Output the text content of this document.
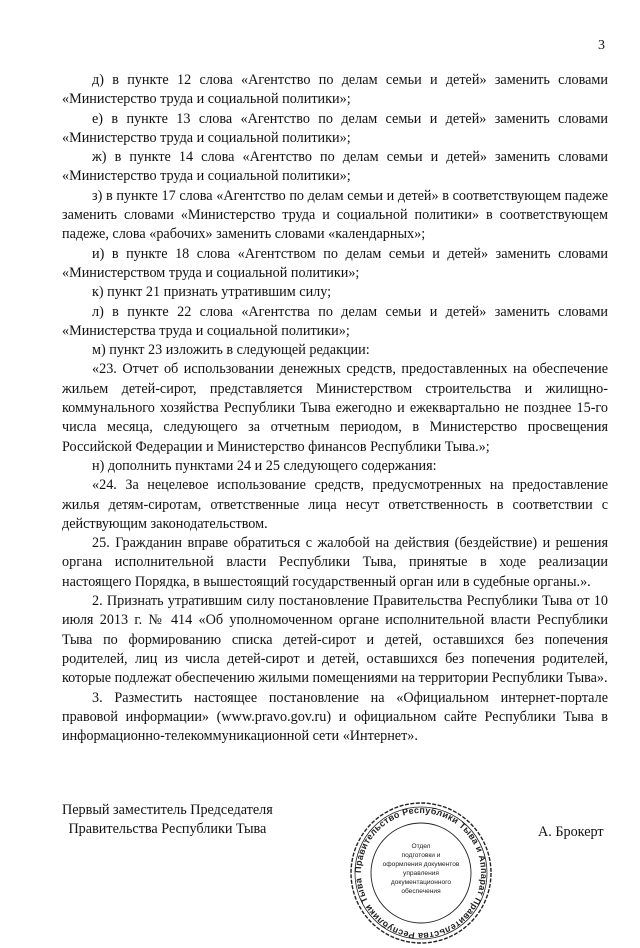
3

д) в пункте 12 слова «Агентство по делам семьи и детей» заменить словами «Министерство труда и социальной политики»;

е) в пункте 13 слова «Агентство по делам семьи и детей» заменить словами «Министерство труда и социальной политики»;

ж) в пункте 14 слова «Агентство по делам семьи и детей» заменить словами «Министерство труда и социальной политики»;

з) в пункте 17 слова «Агентство по делам семьи и детей» в соответствующем падеже заменить словами «Министерство труда и социальной политики» в соответствующем падеже, слова «рабочих» заменить словами «календарных»;

и) в пункте 18 слова «Агентством по делам семьи и детей» заменить словами «Министерством труда и социальной политики»;

к) пункт 21 признать утратившим силу;

л) в пункте 22 слова «Агентства по делам семьи и детей» заменить словами «Министерства труда и социальной политики»;

м) пункт 23 изложить в следующей редакции:

«23. Отчет об использовании денежных средств, предоставленных на обеспечение жильем детей-сирот, представляется Министерством строительства и жилищно-коммунального хозяйства Республики Тыва ежегодно и ежеквартально не позднее 15-го числа месяца, следующего за отчетным периодом, в Министерство просвещения Российской Федерации и Министерство финансов Республики Тыва.»;

н) дополнить пунктами 24 и 25 следующего содержания:

«24. За нецелевое использование средств, предусмотренных на предоставление жилья детям-сиротам, ответственные лица несут ответственность в соответствии с действующим законодательством.

25. Гражданин вправе обратиться с жалобой на действия (бездействие) и решения органа исполнительной власти Республики Тыва, принятые в ходе реализации настоящего Порядка, в вышестоящий государственный орган или в судебные органы.».

2. Признать утратившим силу постановление Правительства Республики Тыва от 10 июля 2013 г. № 414 «Об уполномоченном органе исполнительной власти Республики Тыва по формированию списка детей-сирот и детей, оставшихся без попечения родителей, лиц из числа детей-сирот и детей, оставшихся без попечения родителей, которые подлежат обеспечению жилыми помещениями на территории Республики Тыва».

3. Разместить настоящее постановление на «Официальном интернет-портале правовой информации» (www.pravo.gov.ru) и официальном сайте Республики Тыва в информационно-телекоммуникационной сети «Интернет».

Первый заместитель Председателя
Правительства Республики Тыва
Правительство Республики Тыва и Аппарат Правительства Республики Тыва
Отдел
подготовки и
оформления документов
управления
документационного
обеспечения
А. Брокерт
